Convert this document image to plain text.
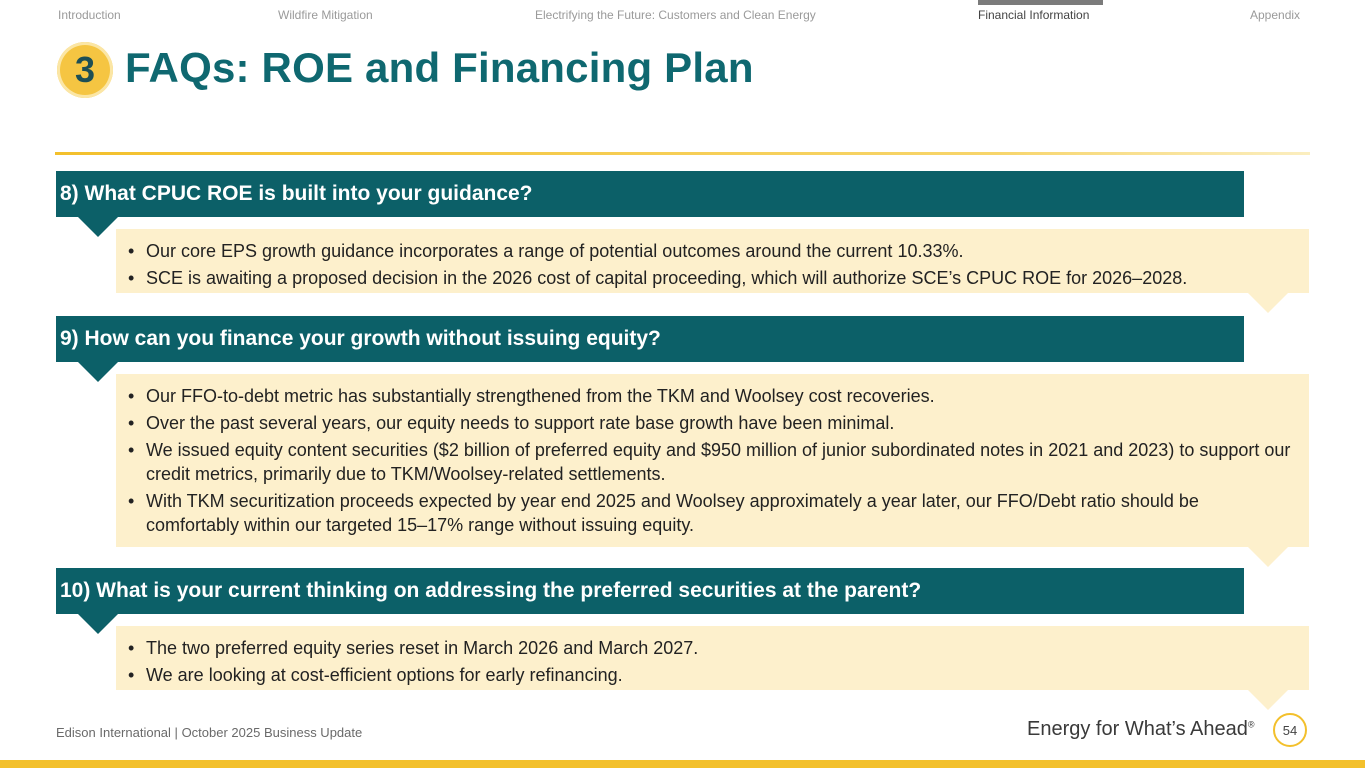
Introduction	Wildfire Mitigation	Electrifying the Future: Customers and Clean Energy	Financial Information	Appendix
3 FAQs: ROE and Financing Plan
8) What CPUC ROE is built into your guidance?
• Our core EPS growth guidance incorporates a range of potential outcomes around the current 10.33%.
• SCE is awaiting a proposed decision in the 2026 cost of capital proceeding, which will authorize SCE’s CPUC ROE for 2026–2028.
9) How can you finance your growth without issuing equity?
• Our FFO-to-debt metric has substantially strengthened from the TKM and Woolsey cost recoveries.
• Over the past several years, our equity needs to support rate base growth have been minimal.
• We issued equity content securities ($2 billion of preferred equity and $950 million of junior subordinated notes in 2021 and 2023) to support our credit metrics, primarily due to TKM/Woolsey-related settlements.
• With TKM securitization proceeds expected by year end 2025 and Woolsey approximately a year later, our FFO/Debt ratio should be comfortably within our targeted 15–17% range without issuing equity.
10) What is your current thinking on addressing the preferred securities at the parent?
• The two preferred equity series reset in March 2026 and March 2027.
• We are looking at cost-efficient options for early refinancing.
Edison International | October 2025 Business Update	Energy for What’s Ahead®	54
